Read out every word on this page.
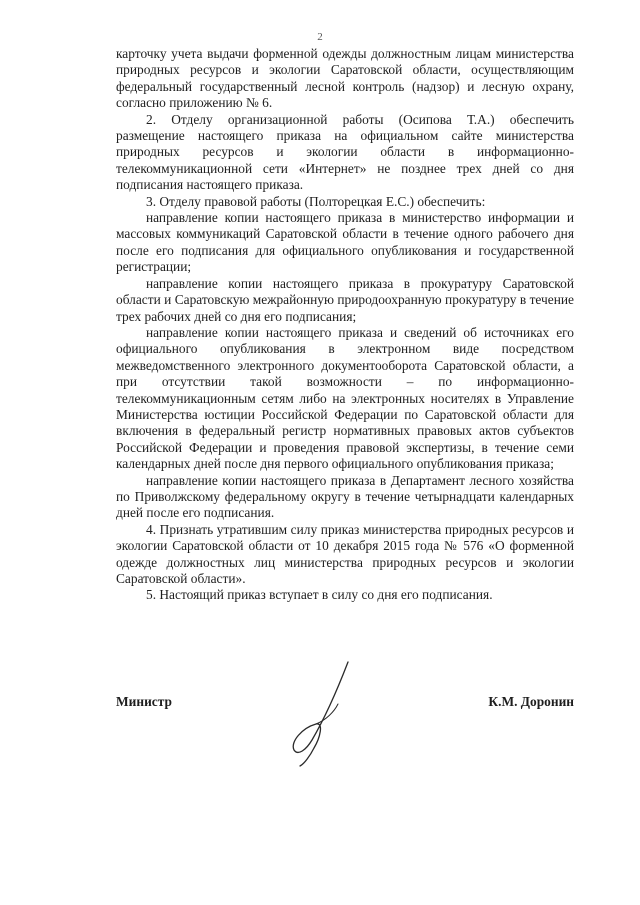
2

карточку учета выдачи форменной одежды должностным лицам министерства природных ресурсов и экологии Саратовской области, осуществляющим федеральный государственный лесной контроль (надзор) и лесную охрану, согласно приложению № 6.

2. Отделу организационной работы (Осипова Т.А.) обеспечить размещение настоящего приказа на официальном сайте министерства природных ресурсов и экологии области в информационно-телекоммуникационной сети «Интернет» не позднее трех дней со дня подписания настоящего приказа.

3. Отделу правовой работы (Полторецкая Е.С.) обеспечить:

направление копии настоящего приказа в министерство информации и массовых коммуникаций Саратовской области в течение одного рабочего дня после его подписания для официального опубликования и государственной регистрации;

направление копии настоящего приказа в прокуратуру Саратовской области и Саратовскую межрайонную природоохранную прокуратуру в течение трех рабочих дней со дня его подписания;

направление копии настоящего приказа и сведений об источниках его официального опубликования в электронном виде посредством межведомственного электронного документооборота Саратовской области, а при отсутствии такой возможности – по информационно-телекоммуникационным сетям либо на электронных носителях в Управление Министерства юстиции Российской Федерации по Саратовской области для включения в федеральный регистр нормативных правовых актов субъектов Российской Федерации и проведения правовой экспертизы, в течение семи календарных дней после дня первого официального опубликования приказа;

направление копии настоящего приказа в Департамент лесного хозяйства по Приволжскому федеральному округу в течение четырнадцати календарных дней после его подписания.

4. Признать утратившим силу приказ министерства природных ресурсов и экологии Саратовской области от 10 декабря 2015 года № 576 «О форменной одежде должностных лиц министерства природных ресурсов и экологии Саратовской области».

5. Настоящий приказ вступает в силу со дня его подписания.

Министр	К.М. Доронин
